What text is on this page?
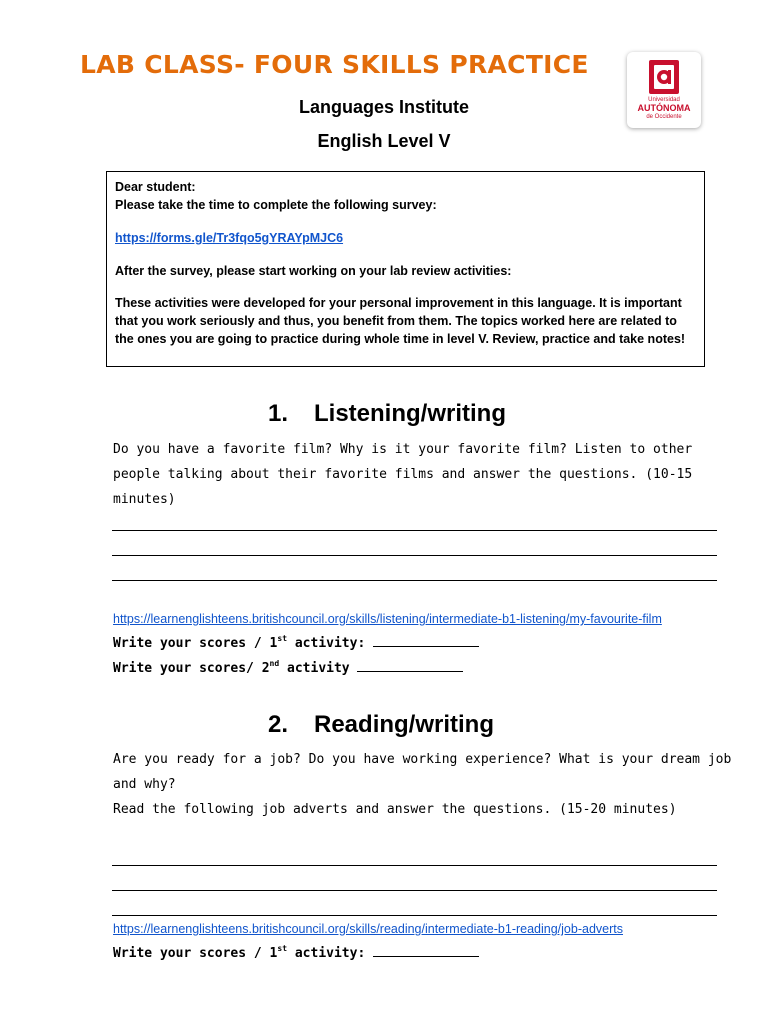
LAB CLASS- FOUR SKILLS PRACTICE
Universidad
AUTÓNOMA
de Occidente
Languages Institute
English Level V

Dear student:

Please take the time to complete the following survey:

https://forms.gle/Tr3fqo5gYRAYpMJC6

After the survey, please start working on your lab review activities:

These activities were developed for your personal improvement in this language. It is important that you work seriously and thus, you benefit from them. The topics worked here are related to the ones you are going to practice during whole time in level V. Review, practice and take notes!

1. Listening/writing

Do you have a favorite film? Why is it your favorite film? Listen to other people talking about their favorite films and answer the questions. (10-15 minutes)

https://learnenglishteens.britishcouncil.org/skills/listening/intermediate-b1-listening/my-favourite-film

Write your scores / 1st activity:

Write your scores/ 2nd activity

2. Reading/writing

Are you ready for a job? Do you have working experience? What is your dream job and why?

Read the following job adverts and answer the questions. (15-20 minutes)

https://learnenglishteens.britishcouncil.org/skills/reading/intermediate-b1-reading/job-adverts

Write your scores / 1st activity:
